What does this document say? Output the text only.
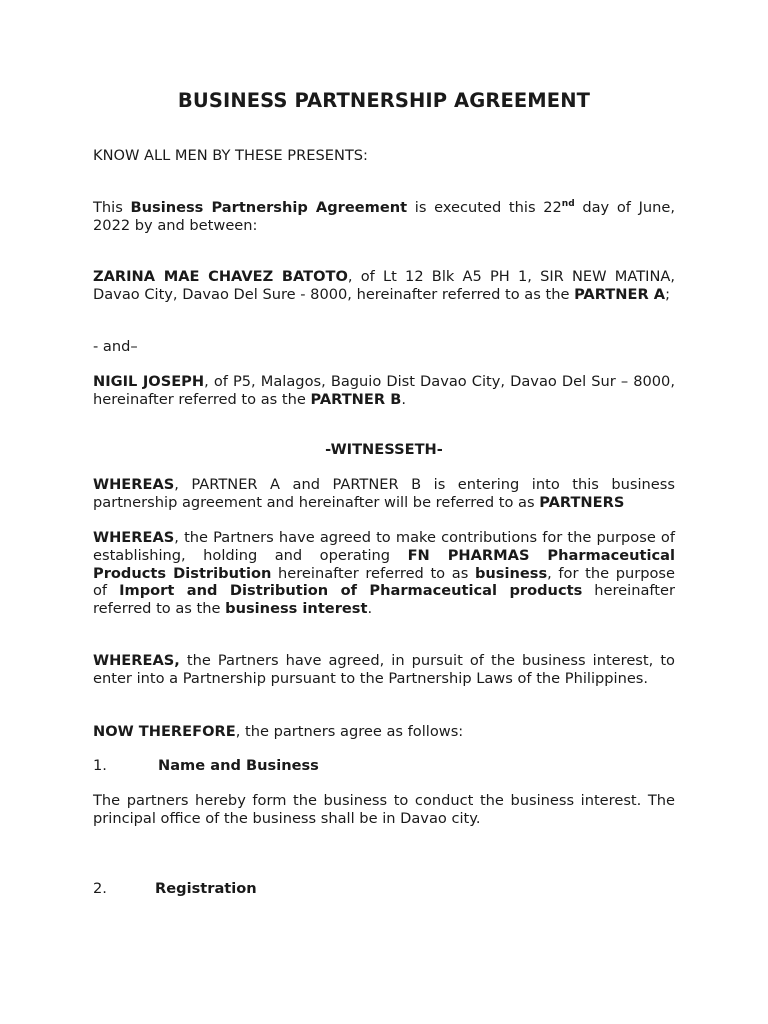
BUSINESS PARTNERSHIP AGREEMENT

KNOW ALL MEN BY THESE PRESENTS:

This Business Partnership Agreement is executed this 22nd day of June, 2022 by and between:

ZARINA MAE CHAVEZ BATOTO, of Lt 12 Blk A5 PH 1, SIR NEW MATINA, Davao City, Davao Del Sure - 8000, hereinafter referred to as the PARTNER A;

- and–

NIGIL JOSEPH, of P5, Malagos, Baguio Dist Davao City, Davao Del Sur – 8000, hereinafter referred to as the PARTNER B.

-WITNESSETH-

WHEREAS, PARTNER A and PARTNER B is entering into this business partnership agreement and hereinafter will be referred to as PARTNERS

WHEREAS, the Partners have agreed to make contributions for the purpose of establishing, holding and operating FN PHARMAS Pharmaceutical Products Distribution hereinafter referred to as business, for the purpose of Import and Distribution of Pharmaceutical products hereinafter referred to as the business interest.

WHEREAS, the Partners have agreed, in pursuit of the business interest, to enter into a Partnership pursuant to the Partnership Laws of the Philippines.

NOW THEREFORE, the partners agree as follows:

1.	Name and Business

The partners hereby form the business to conduct the business interest. The principal office of the business shall be in Davao city.

2.	Registration
